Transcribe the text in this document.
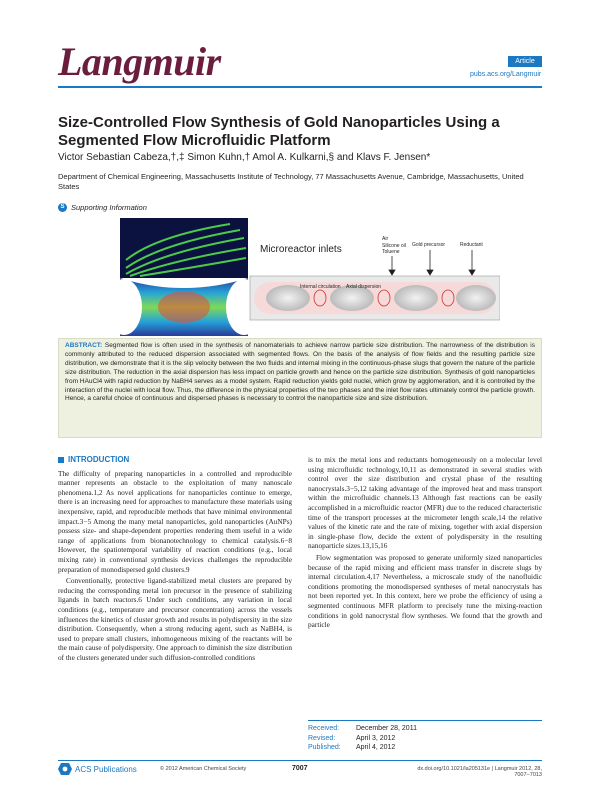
Langmuir	Article
pubs.acs.org/Langmuir
Size-Controlled Flow Synthesis of Gold Nanoparticles Using a Segmented Flow Microfluidic Platform
Victor Sebastian Cabeza,†,‡ Simon Kuhn,† Amol A. Kulkarni,§ and Klavs F. Jensen*
Department of Chemical Engineering, Massachusetts Institute of Technology, 77 Massachusetts Avenue, Cambridge, Massachusetts, United States
S Supporting Information
Microreactor inlets
Air
Silicone oil
Toluene
Gold precursor	Reductant
Internal circulation Axial dispersion
ABSTRACT: Segmented flow is often used in the synthesis of nanomaterials to achieve narrow particle size distribution. The narrowness of the distribution is commonly attributed to the reduced dispersion associated with segmented flows. On the basis of the analysis of flow fields and the resulting particle size distribution, we demonstrate that it is the slip velocity between the two fluids and internal mixing in the continuous-phase slugs that govern the nature of the particle size distribution. The reduction in the axial dispersion has less impact on particle growth and hence on the particle size distribution. Synthesis of gold nanoparticles from HAuCl4 with rapid reduction by NaBH4 serves as a model system. Rapid reduction yields gold nuclei, which grow by agglomeration, and it is controlled by the interaction of the nuclei with local flow. Thus, the difference in the physical properties of the two phases and the inlet flow rates ultimately control the particle growth. Hence, a careful choice of continuous and dispersed phases is necessary to control the nanoparticle size and size distribution.
INTRODUCTION

The difficulty of preparing nanoparticles in a controlled and reproducible manner represents an obstacle to the exploitation of many nanoscale phenomena.1,2 As novel applications for nanoparticles continue to emerge, there is an increasing need for approaches to manufacture these materials using inexpensive, rapid, and reproducible methods that have minimal environmental impact.3−5 Among the many metal nanoparticles, gold nanoparticles (AuNPs) possess size- and shape-dependent properties rendering them useful in a wide range of applications from bionanotechnology to chemical catalysis.6−8 However, the spatiotemporal variability of reaction conditions (e.g., local mixing rate) in conventional synthesis devices challenges the reproducible preparation of monodispersed gold clusters.9

Conventionally, protective ligand-stabilized metal clusters are prepared by reducing the corresponding metal ion precursor in the presence of stabilizing ligands in batch reactors.6 Under such conditions, any variation in local conditions (e.g., temperature and precursor concentration) across the vessels influences the kinetics of cluster growth and results in polydispersity in the size distribution. Consequently, when a strong reducing agent, such as NaBH4, is used to prepare small clusters, inhomogeneous mixing of the reactants will be the main cause of polydispersity. One approach to diminish the size distribution of the clusters generated under such diffusion-controlled conditions

is to mix the metal ions and reductants homogeneously on a molecular level using microfluidic technology,10,11 as demonstrated in several studies with control over the size distribution and crystal phase of the resulting nanocrystals.3−5,12 taking advantage of the improved heat and mass transport within the microfluidic channels.13 Although fast reactions can be easily accomplished in a microfluidic reactor (MFR) due to the reduced characteristic time of the transport processes at the micrometer length scale,14 the relative values of the kinetic rate and the rate of mixing, together with axial dispersion in single-phase flow, decide the extent of polydispersity in the resulting nanoparticle sizes.13,15,16

Flow segmentation was proposed to generate uniformly sized nanoparticles because of the rapid mixing and efficient mass transfer in discrete slugs by internal circulation.4,17 Nevertheless, a microscale study of the nanofluidic conditions promoting the monodispersed syntheses of metal nanocrystals has not been reported yet. In this context, here we probe the efficiency of using a segmented continuous MFR platform to precisely tune the mixing-reaction conditions in gold nanocrystal flow syntheses. We found that the growth and particle

Received: December 28, 2011
Revised:	April 3, 2012
Published: April 4, 2012
ACS Publications	© 2012 American Chemical Society	7007	dx.doi.org/10.1021/la205131e | Langmuir 2012, 28, 7007−7013
